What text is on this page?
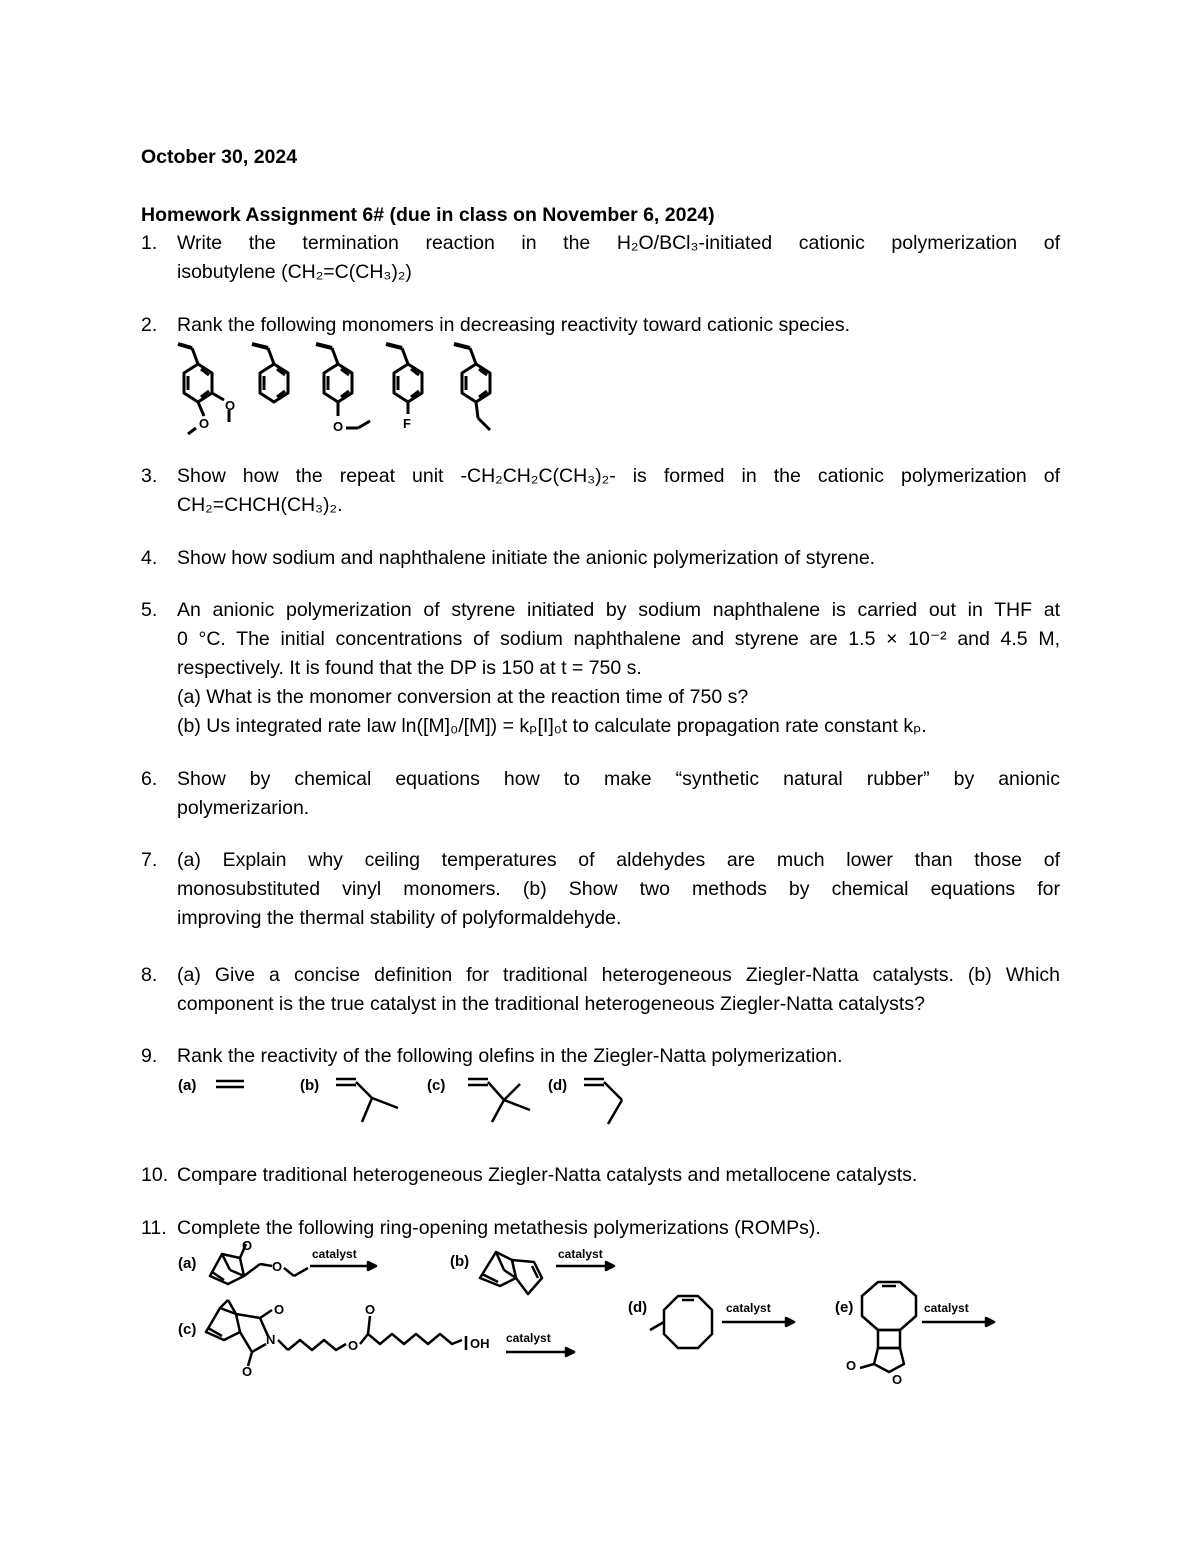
October 30, 2024
Homework Assignment 6# (due in class on November 6, 2024)
1. Write the termination reaction in the H₂O/BCl₃-initiated cationic polymerization of
isobutylene (CH₂=C(CH₃)₂)
2. Rank the following monomers in decreasing reactivity toward cationic species.
O
O	O	F
3. Show how the repeat unit -CH₂CH₂C(CH₃)₂- is formed in the cationic polymerization of
CH₂=CHCH(CH₃)₂.
4. Show how sodium and naphthalene initiate the anionic polymerization of styrene.
5. An anionic polymerization of styrene initiated by sodium naphthalene is carried out in THF at
0 °C. The initial concentrations of sodium naphthalene and styrene are 1.5 × 10⁻² and 4.5 M,
respectively. It is found that the DP is 150 at t = 750 s.
(a) What is the monomer conversion at the reaction time of 750 s?
(b) Us integrated rate law ln([M]₀/[M]) = kₚ[I]₀t to calculate propagation rate constant kₚ.
6. Show by chemical equations how to make “synthetic natural rubber” by anionic
polymerizarion.
7. (a) Explain why ceiling temperatures of aldehydes are much lower than those of
monosubstituted vinyl monomers. (b) Show two methods by chemical equations for
improving the thermal stability of polyformaldehyde.
8. (a) Give a concise definition for traditional heterogeneous Ziegler-Natta catalysts. (b) Which
component is the true catalyst in the traditional heterogeneous Ziegler-Natta catalysts?
9. Rank the reactivity of the following olefins in the Ziegler-Natta polymerization.
(a)	(b)	(c)	(d)
10. Compare traditional heterogeneous Ziegler-Natta catalysts and metallocene catalysts.
11. Complete the following ring-opening metathesis polymerizations (ROMPs).
(a)	(b)
(c)
(d)	(e)
O
O
O
N
O
O
O
OH
O
O
catalyst	catalyst
catalyst
catalyst	catalyst
